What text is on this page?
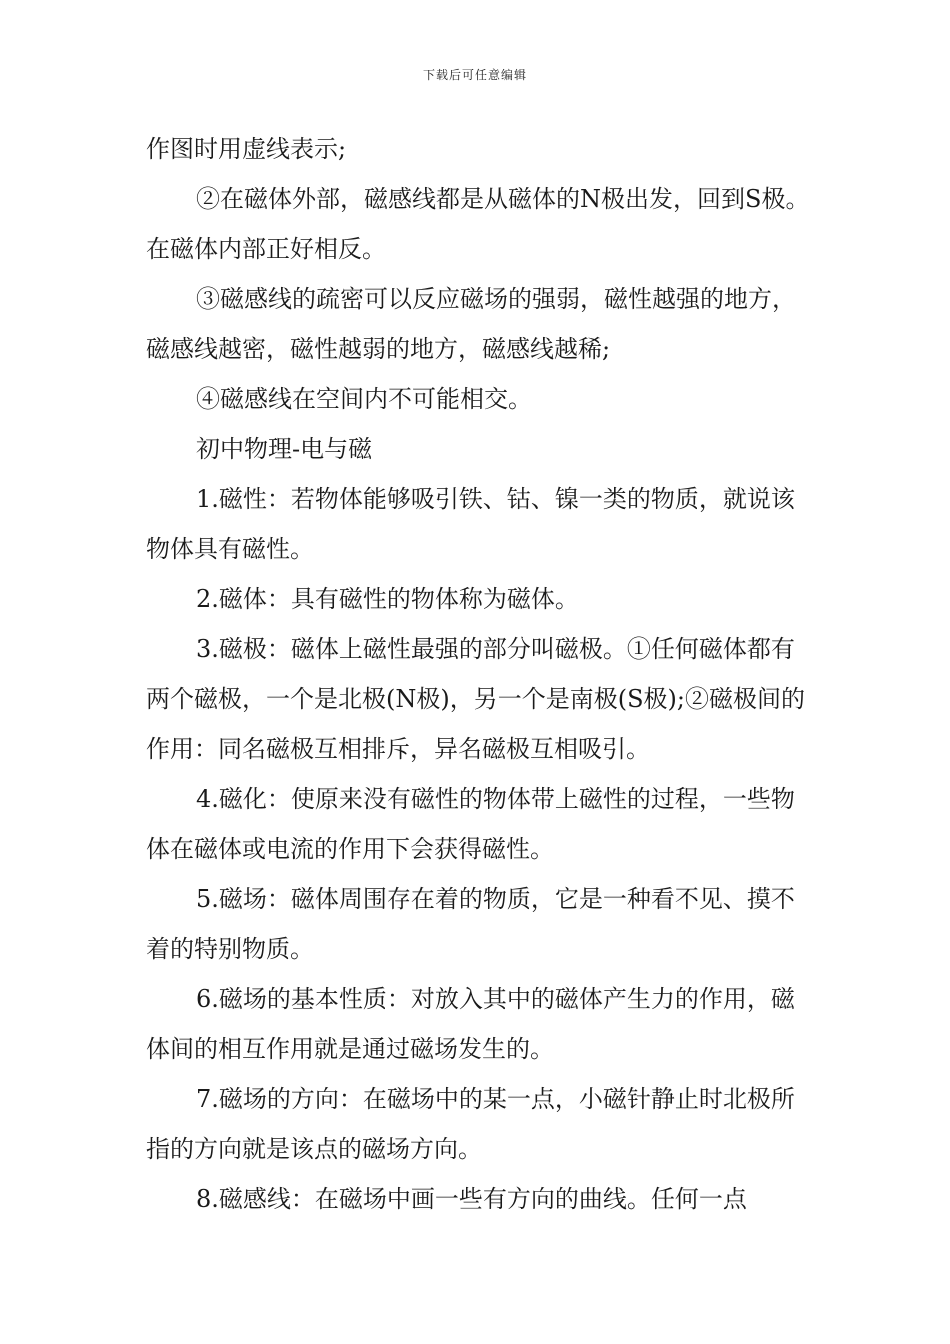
下载后可任意编辑

作图时用虚线表示;

②在磁体外部，磁感线都是从磁体的N极出发，回到S极。在磁体内部正好相反。

③磁感线的疏密可以反应磁场的强弱，磁性越强的地方，磁感线越密，磁性越弱的地方，磁感线越稀;

④磁感线在空间内不可能相交。

初中物理-电与磁

1.磁性：若物体能够吸引铁、钴、镍一类的物质，就说该物体具有磁性。

2.磁体：具有磁性的物体称为磁体。

3.磁极：磁体上磁性最强的部分叫磁极。①任何磁体都有两个磁极，一个是北极(N极)，另一个是南极(S极);②磁极间的作用：同名磁极互相排斥，异名磁极互相吸引。

4.磁化：使原来没有磁性的物体带上磁性的过程，一些物体在磁体或电流的作用下会获得磁性。

5.磁场：磁体周围存在着的物质，它是一种看不见、摸不着的特别物质。

6.磁场的基本性质：对放入其中的磁体产生力的作用，磁体间的相互作用就是通过磁场发生的。

7.磁场的方向：在磁场中的某一点，小磁针静止时北极所指的方向就是该点的磁场方向。

8.磁感线：在磁场中画一些有方向的曲线。任何一点
